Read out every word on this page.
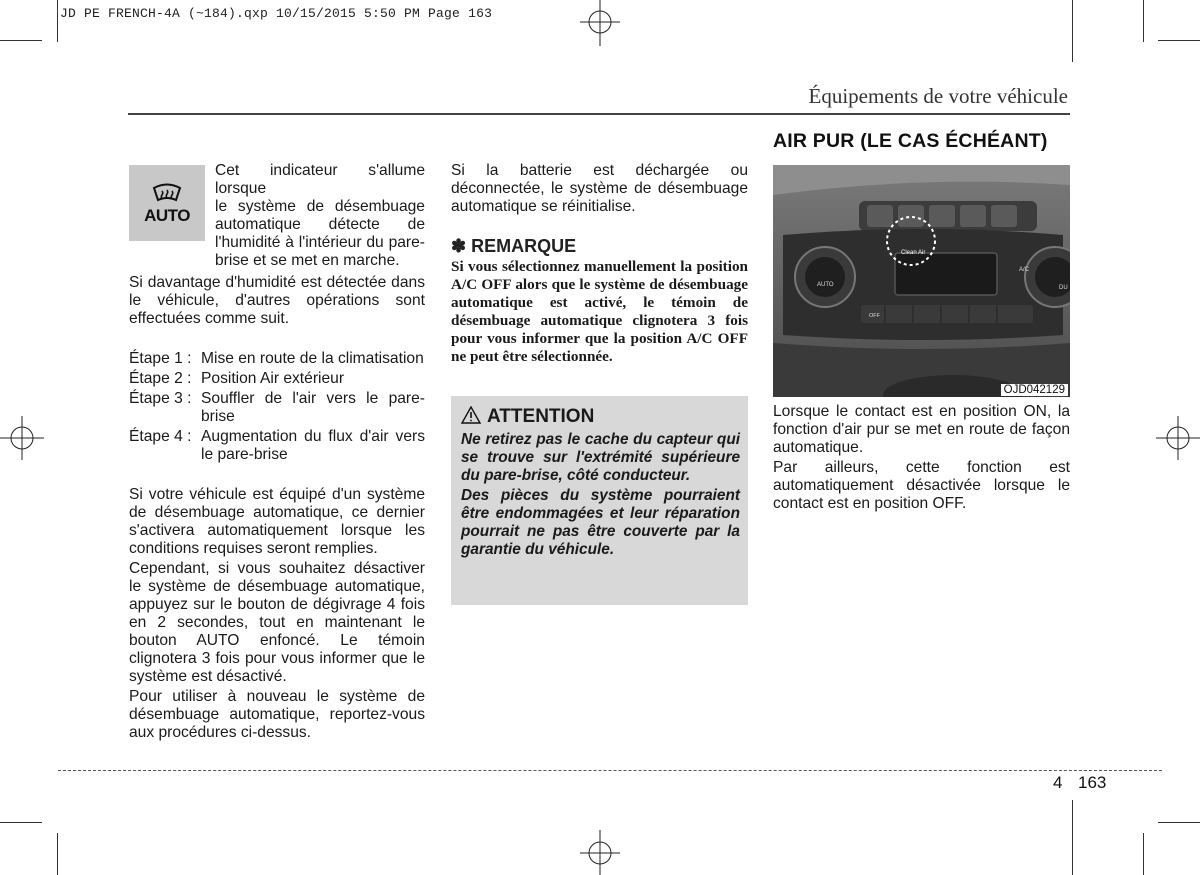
JD PE FRENCH-4A (~184).qxp 10/15/2015 5:50 PM Page 163
Équipements de votre véhicule
AUTO
Cet indicateur s'allume lorsque
le système de désembuage
automatique détecte de
l'humidité à l'intérieur du pare-
brise et se met en marche.

Si davantage d'humidité est détectée dans le véhicule, d'autres opérations sont effectuées comme suit.

Étape 1 : Mise en route de la climatisation
Étape 2 : Position Air extérieur
Étape 3 : Souffler de l'air vers le pare-brise
Étape 4 : Augmentation du flux d'air vers le pare-brise

Si votre véhicule est équipé d'un système de désembuage automatique, ce dernier s'activera automatiquement lorsque les conditions requises seront remplies.

Cependant, si vous souhaitez désactiver le système de désembuage automatique, appuyez sur le bouton de dégivrage 4 fois en 2 secondes, tout en maintenant le bouton AUTO enfoncé. Le témoin clignotera 3 fois pour vous informer que le système est désactivé.

Pour utiliser à nouveau le système de désembuage automatique, reportez-vous aux procédures ci-dessus.

Si la batterie est déchargée ou déconnectée, le système de désembuage automatique se réinitialise.

✽ REMARQUE
Si vous sélectionnez manuellement la position A/C OFF alors que le système de désembuage automatique est activé, le témoin de désembuage automatique clignotera 3 fois pour vous informer que la position A/C OFF ne peut être sélectionnée.
ATTENTION

Ne retirez pas le cache du capteur qui se trouve sur l'extrémité supérieure du pare-brise, côté conducteur.

Des pièces du système pourraient être endommagées et leur réparation pourrait ne pas être couverte par la garantie du véhicule.

AIR PUR (LE CAS ÉCHÉANT)
Clean Air
AUTO
A/C
OFF
DU
OJD042129

Lorsque le contact est en position ON, la fonction d'air pur se met en route de façon automatique.

Par ailleurs, cette fonction est automatiquement désactivée lorsque le contact est en position OFF.

4 163
